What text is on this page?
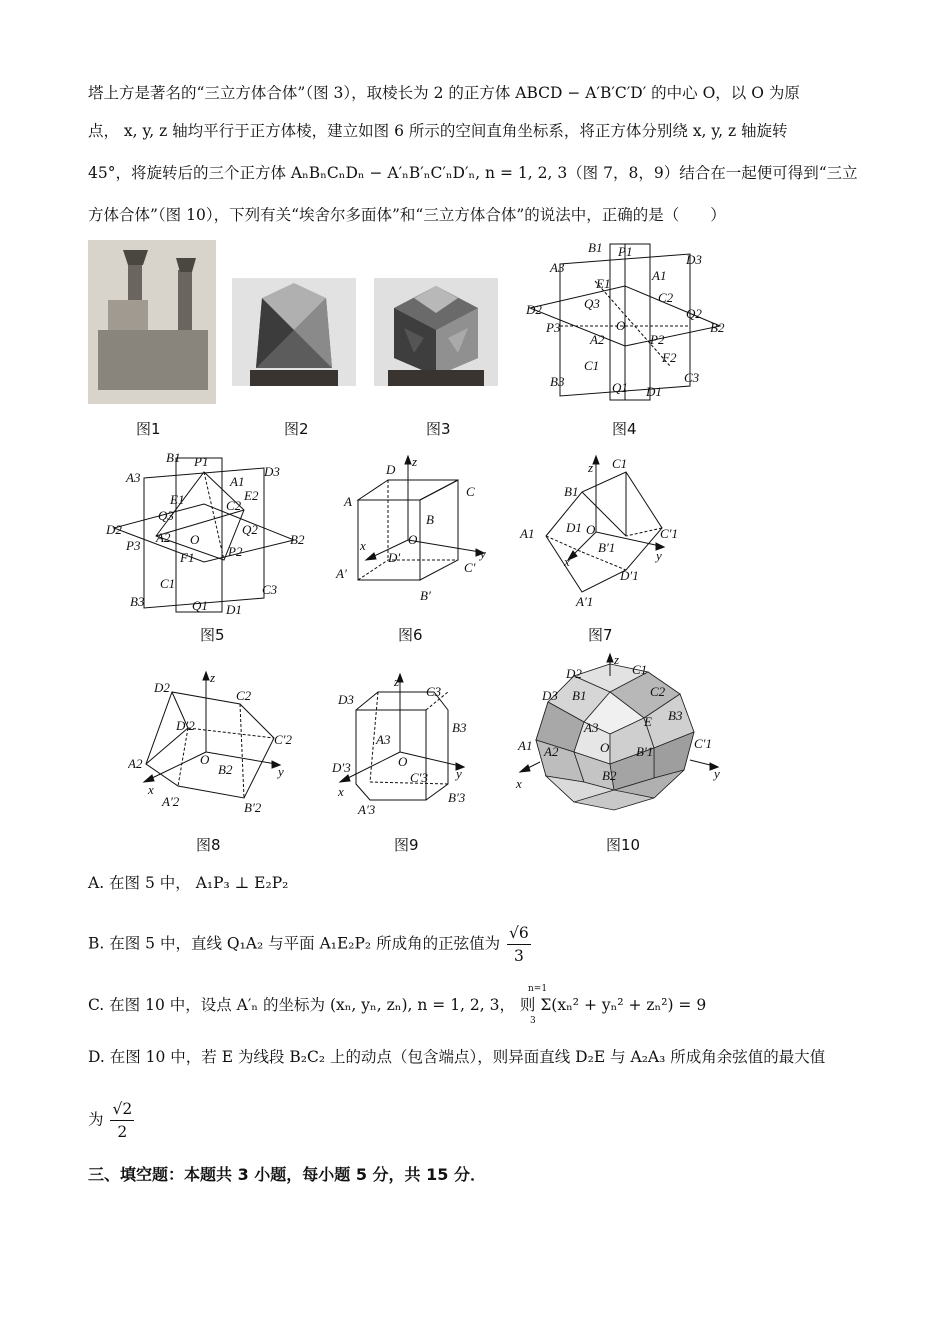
塔上方是著名的“三立方体合体”（图 3），取棱长为 2 的正方体 ABCD − A′B′C′D′ 的中心 O，以 O 为原
点， x, y, z 轴均平行于正方体棱，建立如图 6 所示的空间直角坐标系，将正方体分别绕 x, y, z 轴旋转
45°，将旋转后的三个正方体 AₙBₙCₙDₙ − A′ₙB′ₙC′ₙD′ₙ, n = 1, 2, 3（图 7，8，9）结合在一起便可得到“三立
方体合体”（图 10），下列有关“埃舍尔多面体”和“三立方体合体”的说法中，正确的是（　　）
B1 P1
D3
A3
E1
A1
Q3	C2
Q2
D2
O	B2
P3
A2	P2
F2
C1
C3
B3	Q1 D1
B1 P1
D3
A3	A1
E1	E2
Q3
C2
Q2
D2
A2 O	B2
P3
F1	P2
C1	C3
B3	Q1 D1
D
z
C
A
B
O
x
D′	y
A′	C′
B′
z C1
B1
D1 O	C′1
A1
B′1
x
D′1
y
A′1
D2
z
C2
D′2
C′2
O
A2	B2	y
x
A′2	B′2
D3
z
C3
B3
A3
D′3	O
y
C′3
x
A′3
B′3
D2
z
C1
D3 B1	C2
B3
A3	E
A1	O B′1
C′1
A2
B2
x
y
图1	图2	图3	图4
图5	图6	图7
图8	图9	图10
A. 在图 5 中， A₁P₃ ⊥ E₂P₂
B. 在图 5 中，直线 Q₁A₂ 与平面 A₁E₂P₂ 所成角的正弦值为 $\frac{√6}{3}$
C. 在图 10 中，设点 A′ₙ 的坐标为 (xₙ, yₙ, zₙ), n = 1, 2, 3， 则 Σ(xₙ² + yₙ² + zₙ²) = 9
n=1
3
D. 在图 10 中，若 E 为线段 B₂C₂ 上的动点（包含端点），则异面直线 D₂E 与 A₂A₃ 所成角余弦值的最大值
为 $\frac{√2}{2}$
三、填空题：本题共 3 小题，每小题 5 分，共 15 分．
